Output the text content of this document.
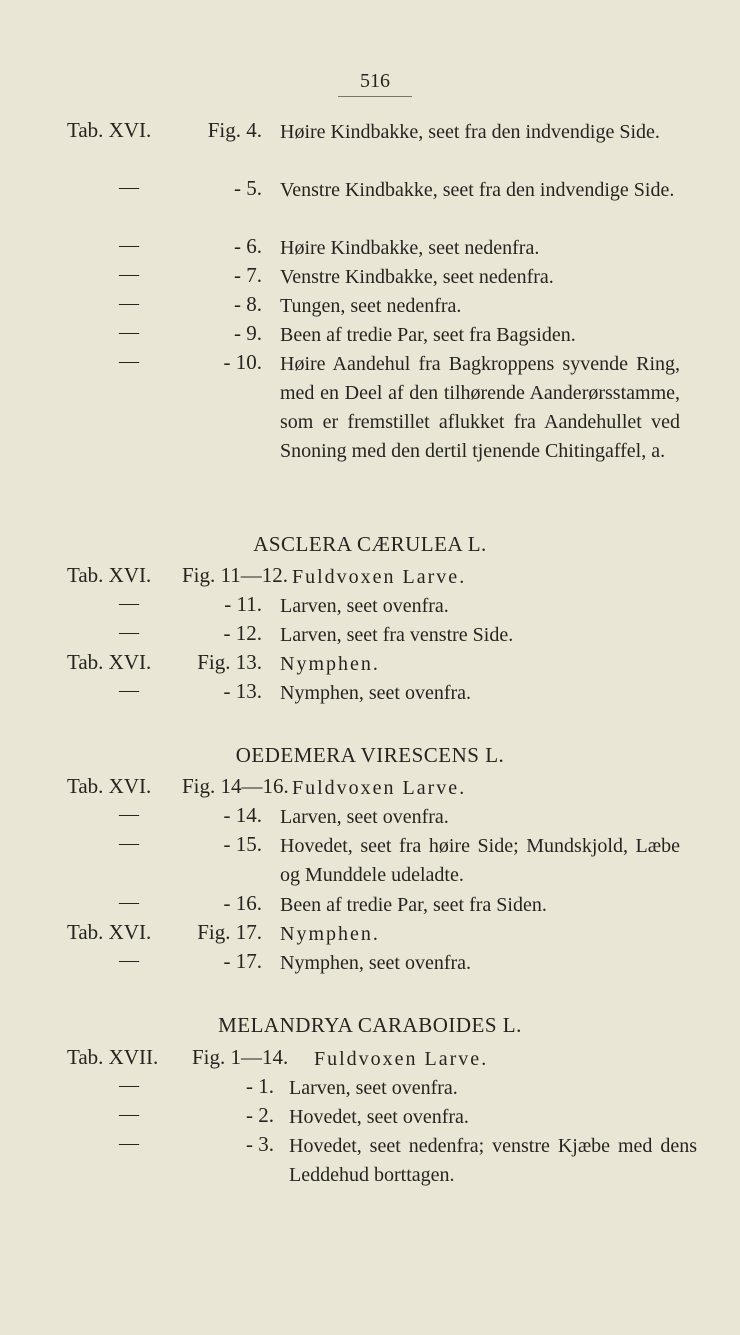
516
Tab. XVI.	Fig. 4. Høire Kindbakke, seet fra den indvendige Side.
—	- 5. Venstre Kindbakke, seet fra den indvendige Side.
—	- 6. Høire Kindbakke, seet nedenfra.
—	- 7. Venstre Kindbakke, seet nedenfra.
—	- 8. Tungen, seet nedenfra.
—	- 9. Been af tredie Par, seet fra Bagsiden.
—	- 10. Høire Aandehul fra Bagkroppens syvende Ring, med en Deel af den tilhørende Aanderørsstamme, som er fremstillet aflukket fra Aandehullet ved Snoning med den dertil tjenende Chitingaffel, a.
ASCLERA CÆRULEA L.
Tab. XVI. Fig. 11—12. Fuldvoxen Larve.
—	- 11. Larven, seet ovenfra.
—	- 12. Larven, seet fra venstre Side.
Tab. XVI. Fig. 13. Nymphen.
—	- 13. Nymphen, seet ovenfra.
OEDEMERA VIRESCENS L.
Tab. XVI. Fig. 14—16. Fuldvoxen Larve.
—	- 14. Larven, seet ovenfra.
—	- 15. Hovedet, seet fra høire Side; Mundskjold, Læbe og Munddele udeladte.
—	- 16. Been af tredie Par, seet fra Siden.
Tab. XVI. Fig. 17. Nymphen.
—	- 17. Nymphen, seet ovenfra.
MELANDRYA CARABOIDES L.
Tab. XVII. Fig. 1—14. Fuldvoxen Larve.
—	- 1. Larven, seet ovenfra.
—	- 2. Hovedet, seet ovenfra.
—	- 3. Hovedet, seet nedenfra; venstre Kjæbe med dens Leddehud borttagen.
